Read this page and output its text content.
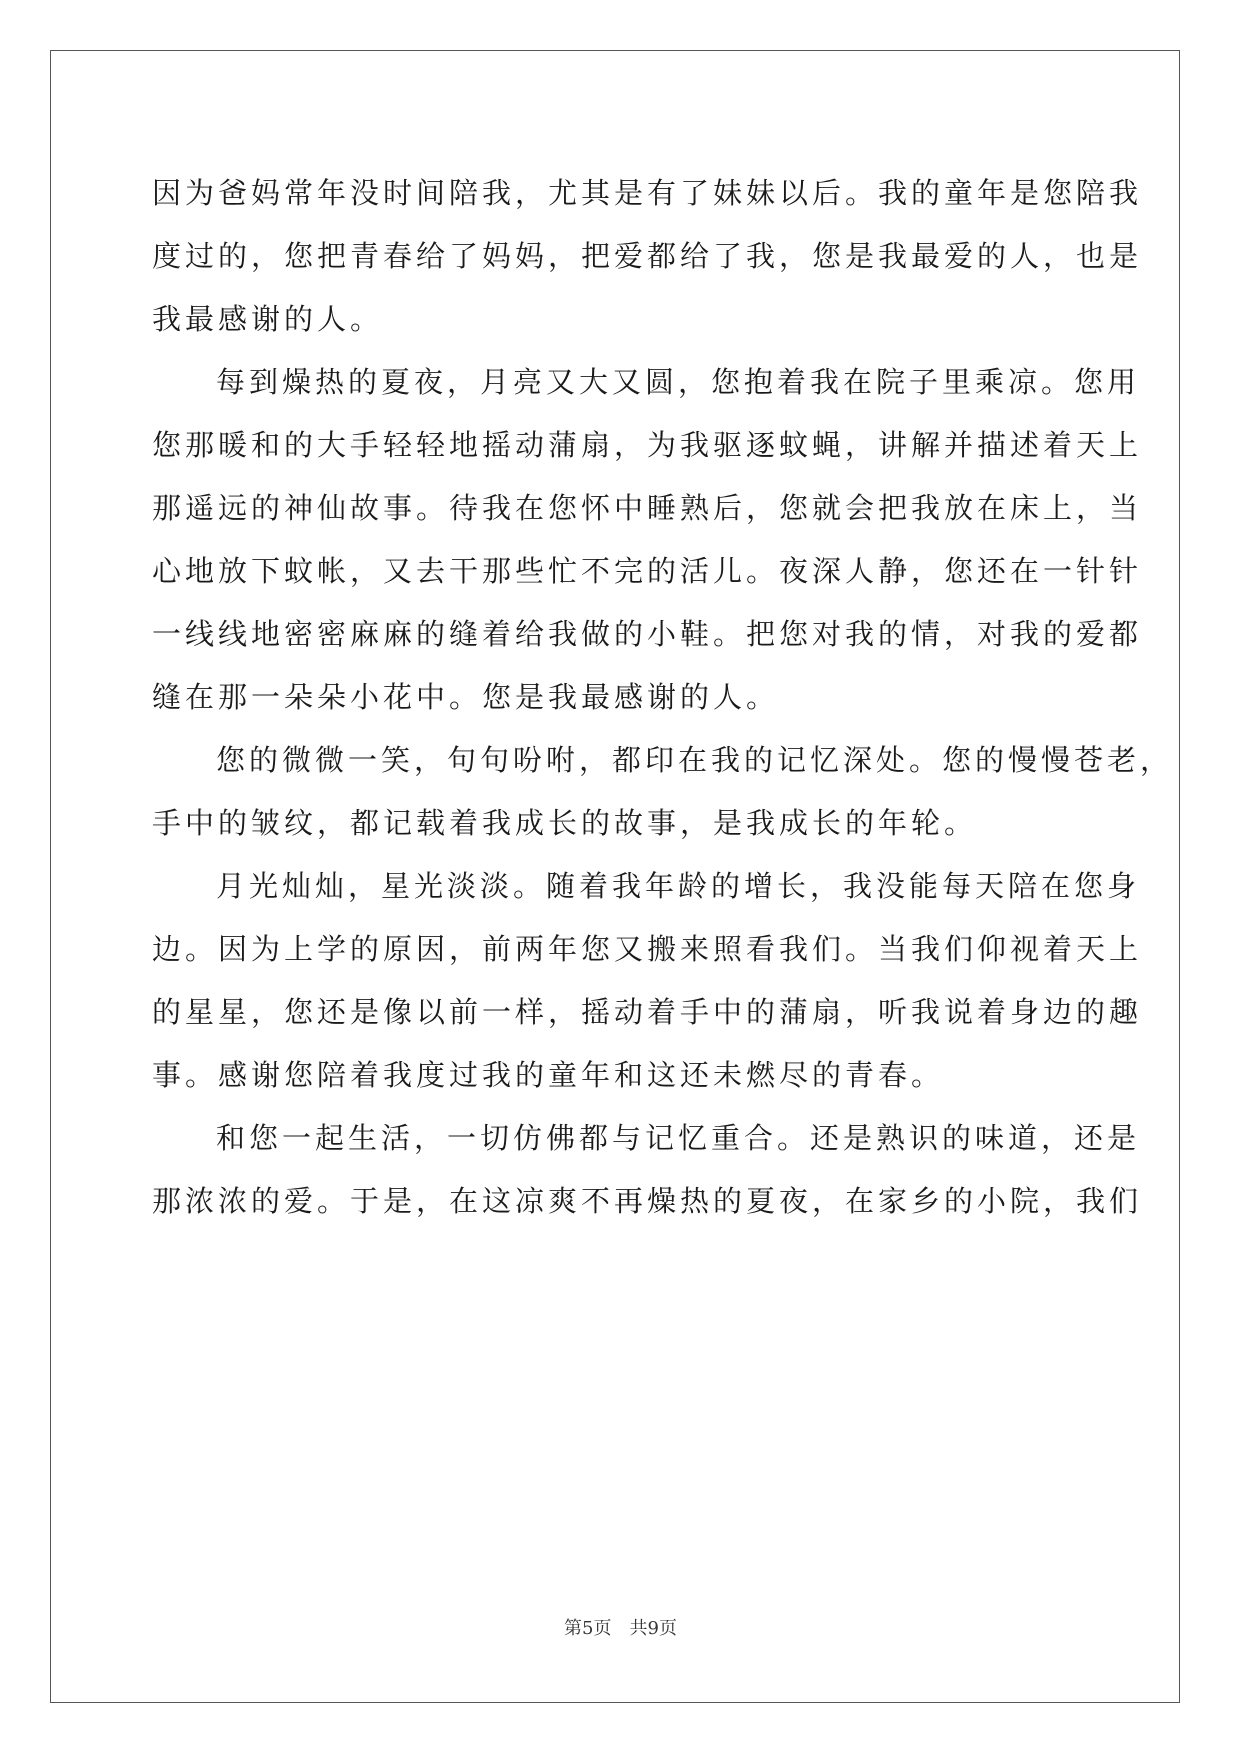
因为爸妈常年没时间陪我，尤其是有了妹妹以后。我的童年是您陪我
度过的，您把青春给了妈妈，把爱都给了我，您是我最爱的人，也是
我最感谢的人。
每到燥热的夏夜，月亮又大又圆，您抱着我在院子里乘凉。您用
您那暖和的大手轻轻地摇动蒲扇，为我驱逐蚊蝇，讲解并描述着天上
那遥远的神仙故事。待我在您怀中睡熟后，您就会把我放在床上，当
心地放下蚊帐，又去干那些忙不完的活儿。夜深人静，您还在一针针
一线线地密密麻麻的缝着给我做的小鞋。把您对我的情，对我的爱都
缝在那一朵朵小花中。您是我最感谢的人。
您的微微一笑，句句吩咐，都印在我的记忆深处。您的慢慢苍老，
手中的皱纹，都记载着我成长的故事，是我成长的年轮。
月光灿灿，星光淡淡。随着我年龄的增长，我没能每天陪在您身
边。因为上学的原因，前两年您又搬来照看我们。当我们仰视着天上
的星星，您还是像以前一样，摇动着手中的蒲扇，听我说着身边的趣
事。感谢您陪着我度过我的童年和这还未燃尽的青春。
和您一起生活，一切仿佛都与记忆重合。还是熟识的味道，还是
那浓浓的爱。于是，在这凉爽不再燥热的夏夜，在家乡的小院，我们
第5页 共9页
